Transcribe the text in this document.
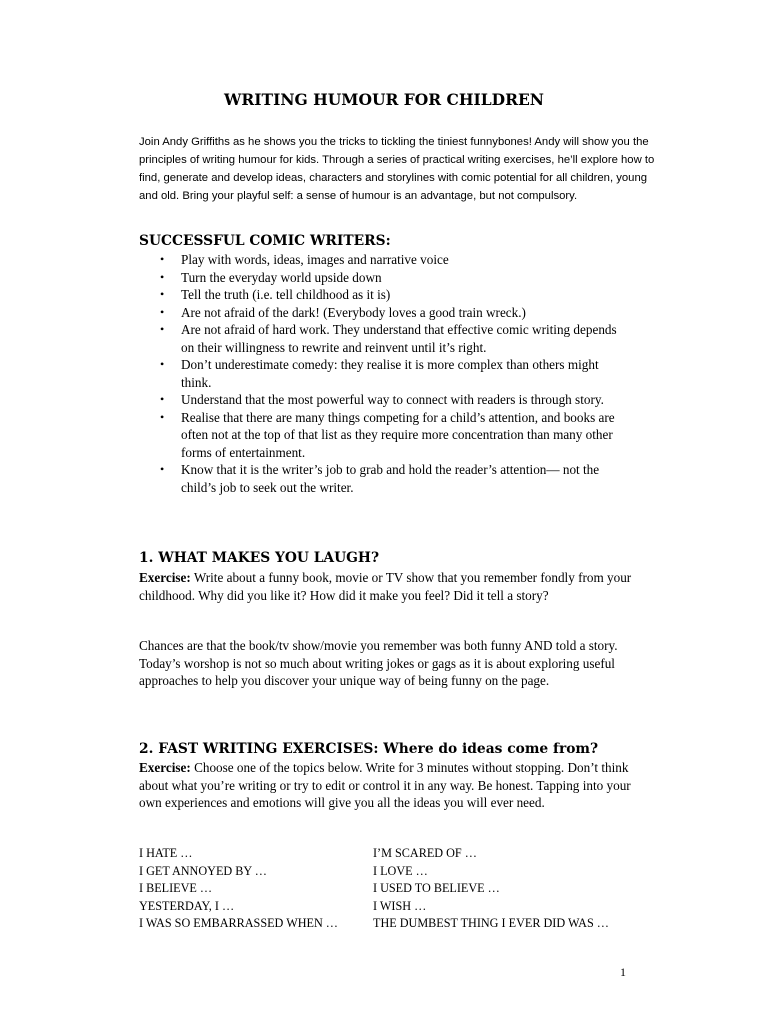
WRITING HUMOUR FOR CHILDREN
Join Andy Griffiths as he shows you the tricks to tickling the tiniest funnybones! Andy will show you the principles of writing humour for kids. Through a series of practical writing exercises, he’ll explore how to find, generate and develop ideas, characters and storylines with comic potential for all children, young and old. Bring your playful self: a sense of humour is an advantage, but not compulsory.
SUCCESSFUL COMIC WRITERS:
• Play with words, ideas, images and narrative voice
• Turn the everyday world upside down
• Tell the truth (i.e. tell childhood as it is)
• Are not afraid of the dark! (Everybody loves a good train wreck.)
• Are not afraid of hard work. They understand that effective comic writing depends on their willingness to rewrite and reinvent until it’s right.
• Don’t underestimate comedy: they realise it is more complex than others might think.
• Understand that the most powerful way to connect with readers is through story.
• Realise that there are many things competing for a child’s attention, and books are often not at the top of that list as they require more concentration than many other forms of entertainment.
• Know that it is the writer’s job to grab and hold the reader’s attention— not the child’s job to seek out the writer.
1. WHAT MAKES YOU LAUGH?
Exercise: Write about a funny book, movie or TV show that you remember fondly from your childhood. Why did you like it? How did it make you feel? Did it tell a story?
Chances are that the book/tv show/movie you remember was both funny AND told a story. Today’s worshop is not so much about writing jokes or gags as it is about exploring useful approaches to help you discover your unique way of being funny on the page.
2. FAST WRITING EXERCISES: Where do ideas come from?
Exercise: Choose one of the topics below. Write for 3 minutes without stopping. Don’t think about what you’re writing or try to edit or control it in any way. Be honest. Tapping into your own experiences and emotions will give you all the ideas you will ever need.
I HATE …	I’M SCARED OF …
I GET ANNOYED BY …	I LOVE …
I BELIEVE …	I USED TO BELIEVE …
YESTERDAY, I …	I WISH …
I WAS SO EMBARRASSED WHEN …	THE DUMBEST THING I EVER DID WAS …
1
